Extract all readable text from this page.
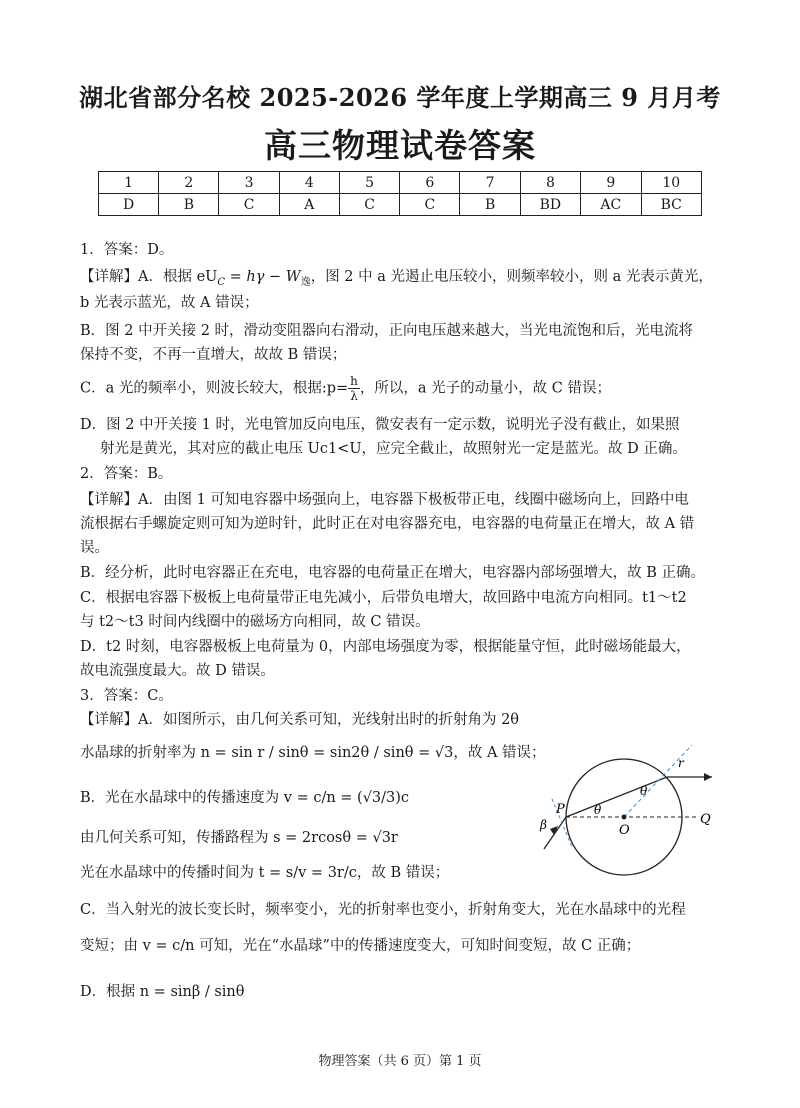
湖北省部分名校 2025-2026 学年度上学期高三 9 月月考
高三物理试卷答案
1	2	3	4	5	6	7	8	9	10
D	B	C	A	C	C	B	BD	AC	BC
1．答案：D。
【详解】A．根据 $eU_C = h\gamma - W_逸$，图 2 中 a 光遏止电压较小，则频率较小，则 a 光表示黄光，
b 光表示蓝光，故 A 错误；
B．图 2 中开关接 2 时，滑动变阻器向右滑动，正向电压越来越大，当光电流饱和后，光电流将
保持不变，不再一直增大，故故 B 错误；
C．a 光的频率小，则波长较大，根据:p= $\frac{h}{\lambda}$ ，所以，a 光子的动量小，故 C 错误；
D．图 2 中开关接 1 时，光电管加反向电压，微安表有一定示数，说明光子没有截止，如果照
射光是黄光，其对应的截止电压 Uc1<U，应完全截止，故照射光一定是蓝光。故 D 正确。
2．答案：B。
【详解】A．由图 1 可知电容器中场强向上，电容器下极板带正电，线圈中磁场向上，回路中电
流根据右手螺旋定则可知为逆时针，此时正在对电容器充电，电容器的电荷量正在增大，故 A 错
误。
B．经分析，此时电容器正在充电，电容器的电荷量正在增大，电容器内部场强增大，故 B 正确。
C．根据电容器下极板上电荷量带正电先减小，后带负电增大，故回路中电流方向相同。t1～t2
与 t2～t3 时间内线圈中的磁场方向相同，故 C 错误。
D．t2 时刻，电容器极板上电荷量为 0，内部电场强度为零，根据能量守恒，此时磁场能最大，
故电流强度最大。故 D 错误。
3．答案：C。
【详解】A．如图所示，由几何关系可知，光线射出时的折射角为 2θ
水晶球的折射率为 n = sin r / sinθ = sin2θ / sinθ = √3，故 A 错误；
B．光在水晶球中的传播速度为 v = c/n = (√3/3)c
由几何关系可知，传播路程为 s = 2rcosθ = √3r
光在水晶球中的传播时间为 t = s/v = 3r/c，故 B 错误；
C．当入射光的波长变长时，频率变小，光的折射率也变小，折射角变大，光在水晶球中的光程
变短；由 v = c/n 可知，光在“水晶球”中的传播速度变大，可知时间变短，故 C 正确；
D．根据 n = sinβ / sinθ
P
O
Q
θ
θ
β
r
物理答案（共 6 页）第 1 页
